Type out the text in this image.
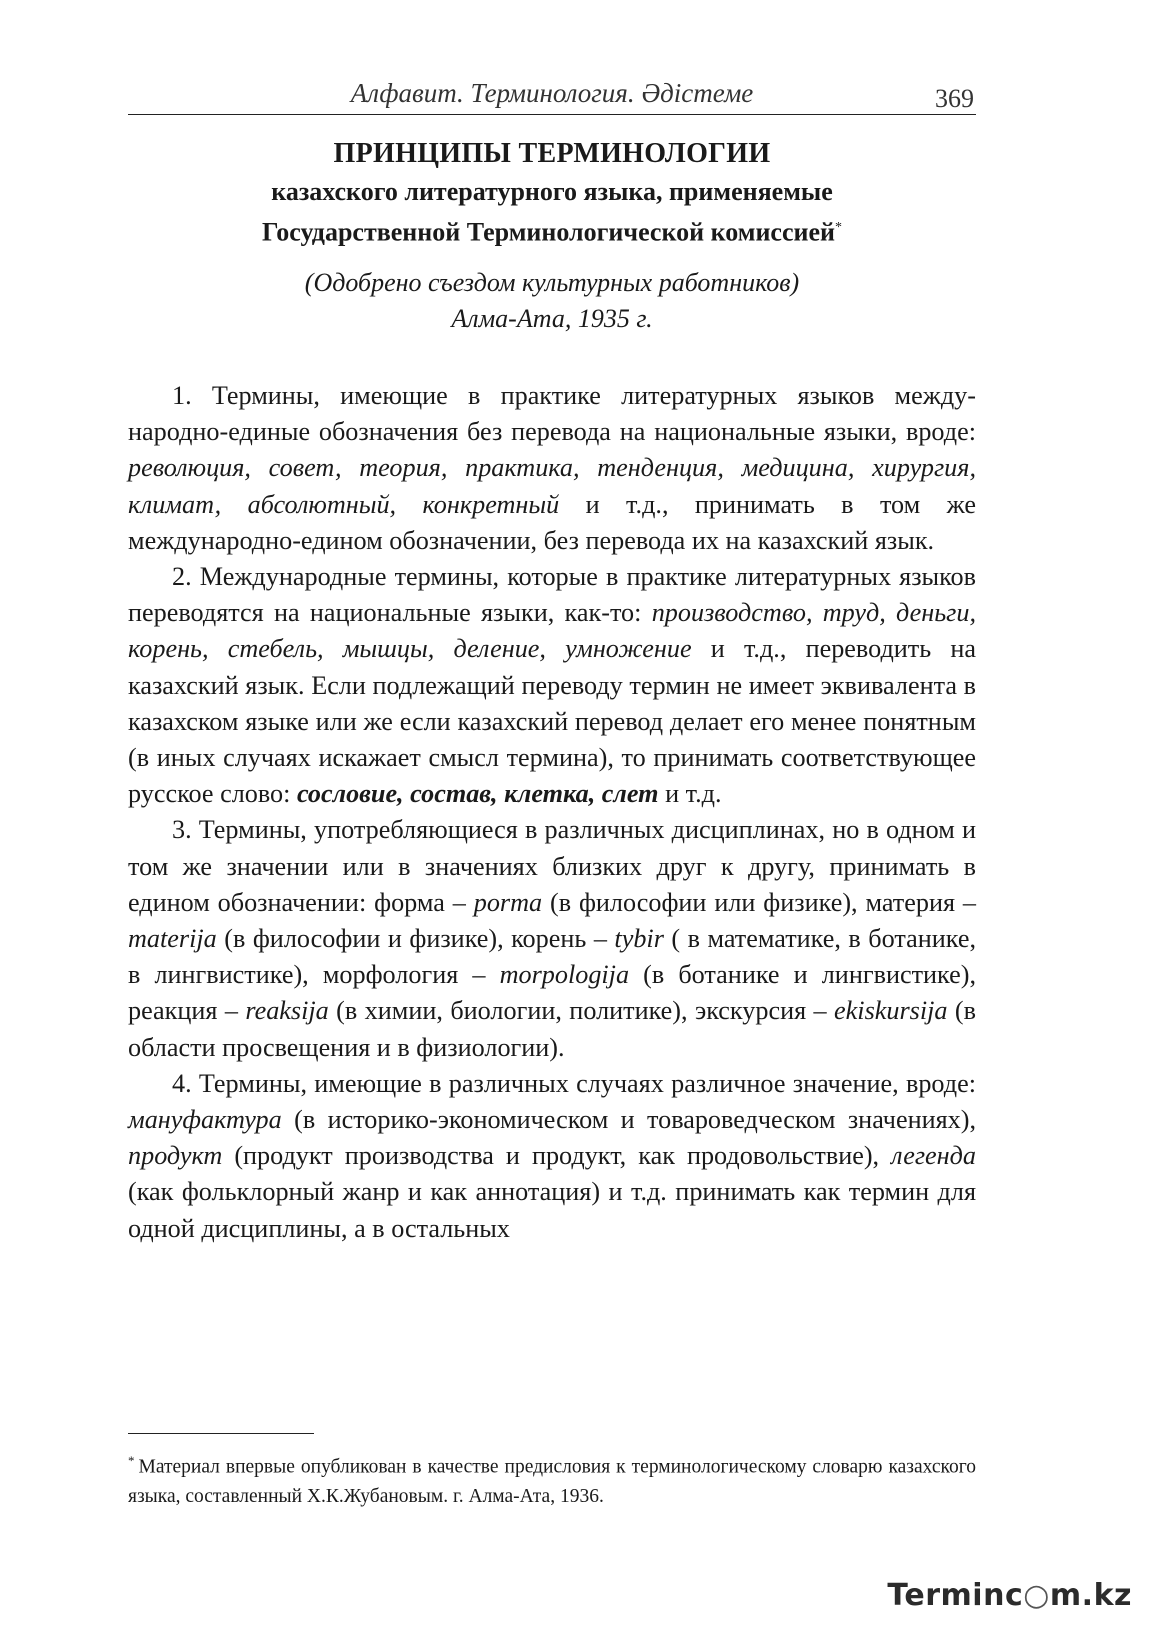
Алфавит. Терминология. Әдістеме	369
ПРИНЦИПЫ ТЕРМИНОЛОГИИ
казахского литературного языка, применяемые
Государственной Терминологической комиссией*
(Одобрено съездом культурных работников)
Алма-Ата, 1935 г.

1. Термины, имеющие в практике литературных языков между-народно-единые обозначения без перевода на национальные языки, вроде: революция, совет, теория, практика, тенденция, медицина, хирургия, климат, абсолютный, конкретный и т.д., принимать в том же международно-едином обозначении, без перевода их на казахский язык.

2. Международные термины, которые в практике литературных языков переводятся на национальные языки, как-то: производство, труд, деньги, корень, стебель, мышцы, деление, умножение и т.д., переводить на казахский язык. Если подлежащий переводу термин не имеет эквивалента в казахском языке или же если казахский перевод делает его менее понятным (в иных случаях искажает смысл термина), то принимать соответствующее русское слово: сословие, состав, клетка, слет и т.д.

3. Термины, употребляющиеся в различных дисциплинах, но в одном и том же значении или в значениях близких друг к другу, принимать в едином обозначении: форма – porma (в философии или физике), материя – materija (в философии и физике), корень – tybir ( в математике, в ботанике, в лингвистике), морфология – morpologija (в ботанике и лингвистике), реакция – reaksija (в химии, биологии, политике), экскурсия – ekiskursija (в области просвещения и в физиологии).

4. Термины, имеющие в различных случаях различное значение, вроде: мануфактура (в историко-экономическом и товароведческом значениях), продукт (продукт производства и продукт, как продовольствие), легенда (как фольклорный жанр и как аннотация) и т.д. принимать как термин для одной дисциплины, а в остальных

* Материал впервые опубликован в качестве предисловия к терминологическому словарю казахского языка, составленный Х.К.Жубановым. г. Алма-Ата, 1936.
Terminc○m.kz
